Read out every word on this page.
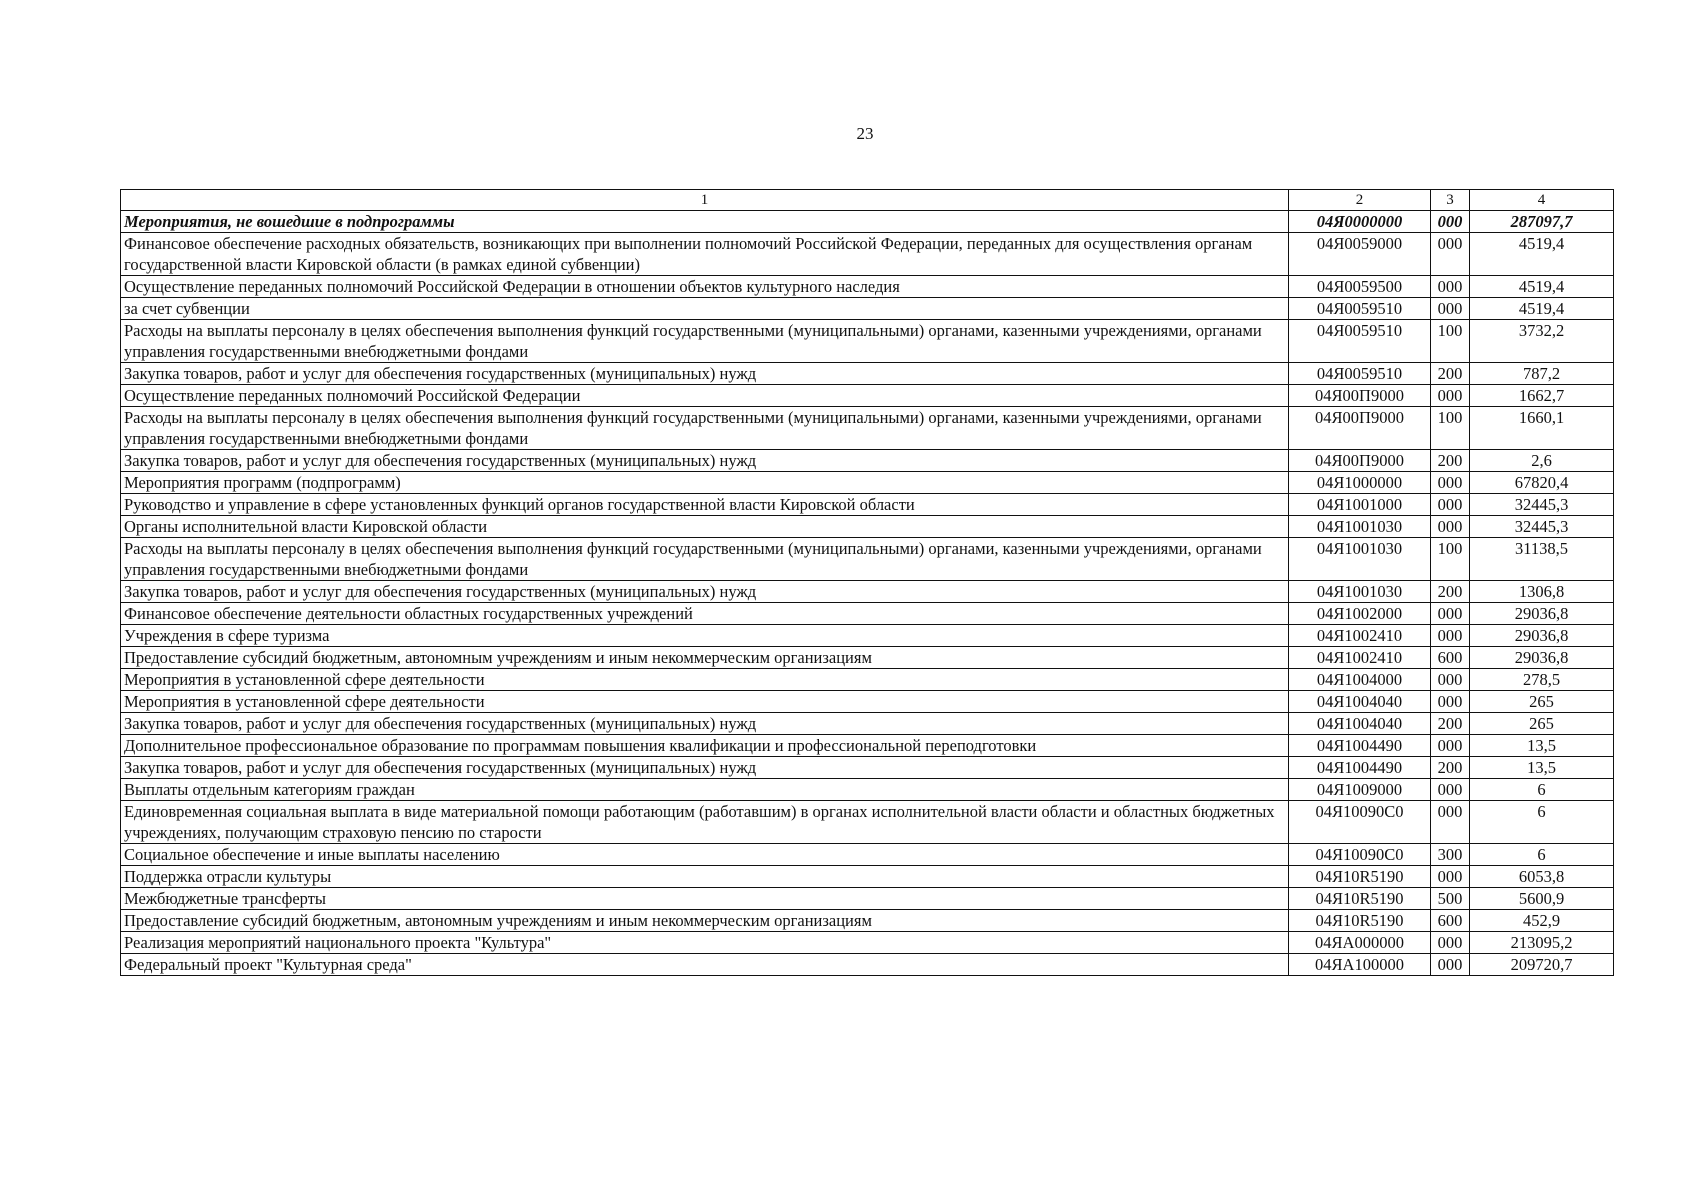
23
1	2	3	4
Мероприятия, не вошедшие в подпрограммы	04Я0000000	000	287097,7
Финансовое обеспечение расходных обязательств, возникающих при выполнении полномочий Российской Федерации, переданных для осуществления органам государственной власти Кировской области (в рамках единой субвенции)	04Я0059000	000	4519,4
Осуществление переданных полномочий Российской Федерации в отношении объектов культурного наследия	04Я0059500	000	4519,4
за счет субвенции	04Я0059510	000	4519,4
Расходы на выплаты персоналу в целях обеспечения выполнения функций государственными (муниципальными) органами, казенными учреждениями, органами управления государственными внебюджетными фондами	04Я0059510	100	3732,2
Закупка товаров, работ и услуг для обеспечения государственных (муниципальных) нужд	04Я0059510	200	787,2
Осуществление переданных полномочий Российской Федерации	04Я00П9000	000	1662,7
Расходы на выплаты персоналу в целях обеспечения выполнения функций государственными (муниципальными) органами, казенными учреждениями, органами управления государственными внебюджетными фондами	04Я00П9000	100	1660,1
Закупка товаров, работ и услуг для обеспечения государственных (муниципальных) нужд	04Я00П9000	200	2,6
Мероприятия программ (подпрограмм)	04Я1000000	000	67820,4
Руководство и управление в сфере установленных функций органов государственной власти Кировской области	04Я1001000	000	32445,3
Органы исполнительной власти Кировской области	04Я1001030	000	32445,3
Расходы на выплаты персоналу в целях обеспечения выполнения функций государственными (муниципальными) органами, казенными учреждениями, органами управления государственными внебюджетными фондами	04Я1001030	100	31138,5
Закупка товаров, работ и услуг для обеспечения государственных (муниципальных) нужд	04Я1001030	200	1306,8
Финансовое обеспечение деятельности областных государственных учреждений	04Я1002000	000	29036,8
Учреждения в сфере туризма	04Я1002410	000	29036,8
Предоставление субсидий бюджетным, автономным учреждениям и иным некоммерческим организациям	04Я1002410	600	29036,8
Мероприятия в установленной сфере деятельности	04Я1004000	000	278,5
Мероприятия в установленной сфере деятельности	04Я1004040	000	265
Закупка товаров, работ и услуг для обеспечения государственных (муниципальных) нужд	04Я1004040	200	265
Дополнительное профессиональное образование по программам повышения квалификации и профессиональной переподготовки	04Я1004490	000	13,5
Закупка товаров, работ и услуг для обеспечения государственных (муниципальных) нужд	04Я1004490	200	13,5
Выплаты отдельным категориям граждан	04Я1009000	000	6
Единовременная социальная выплата в виде материальной помощи работающим (работавшим) в органах исполнительной власти области и областных бюджетных учреждениях, получающим страховую пенсию по старости	04Я10090С0	000	6
Социальное обеспечение и иные выплаты населению	04Я10090С0	300	6
Поддержка отрасли культуры	04Я10R5190	000	6053,8
Межбюджетные трансферты	04Я10R5190	500	5600,9
Предоставление субсидий бюджетным, автономным учреждениям и иным некоммерческим организациям	04Я10R5190	600	452,9
Реализация мероприятий национального проекта "Культура"	04ЯА000000	000	213095,2
Федеральный проект "Культурная среда"	04ЯА100000	000	209720,7
